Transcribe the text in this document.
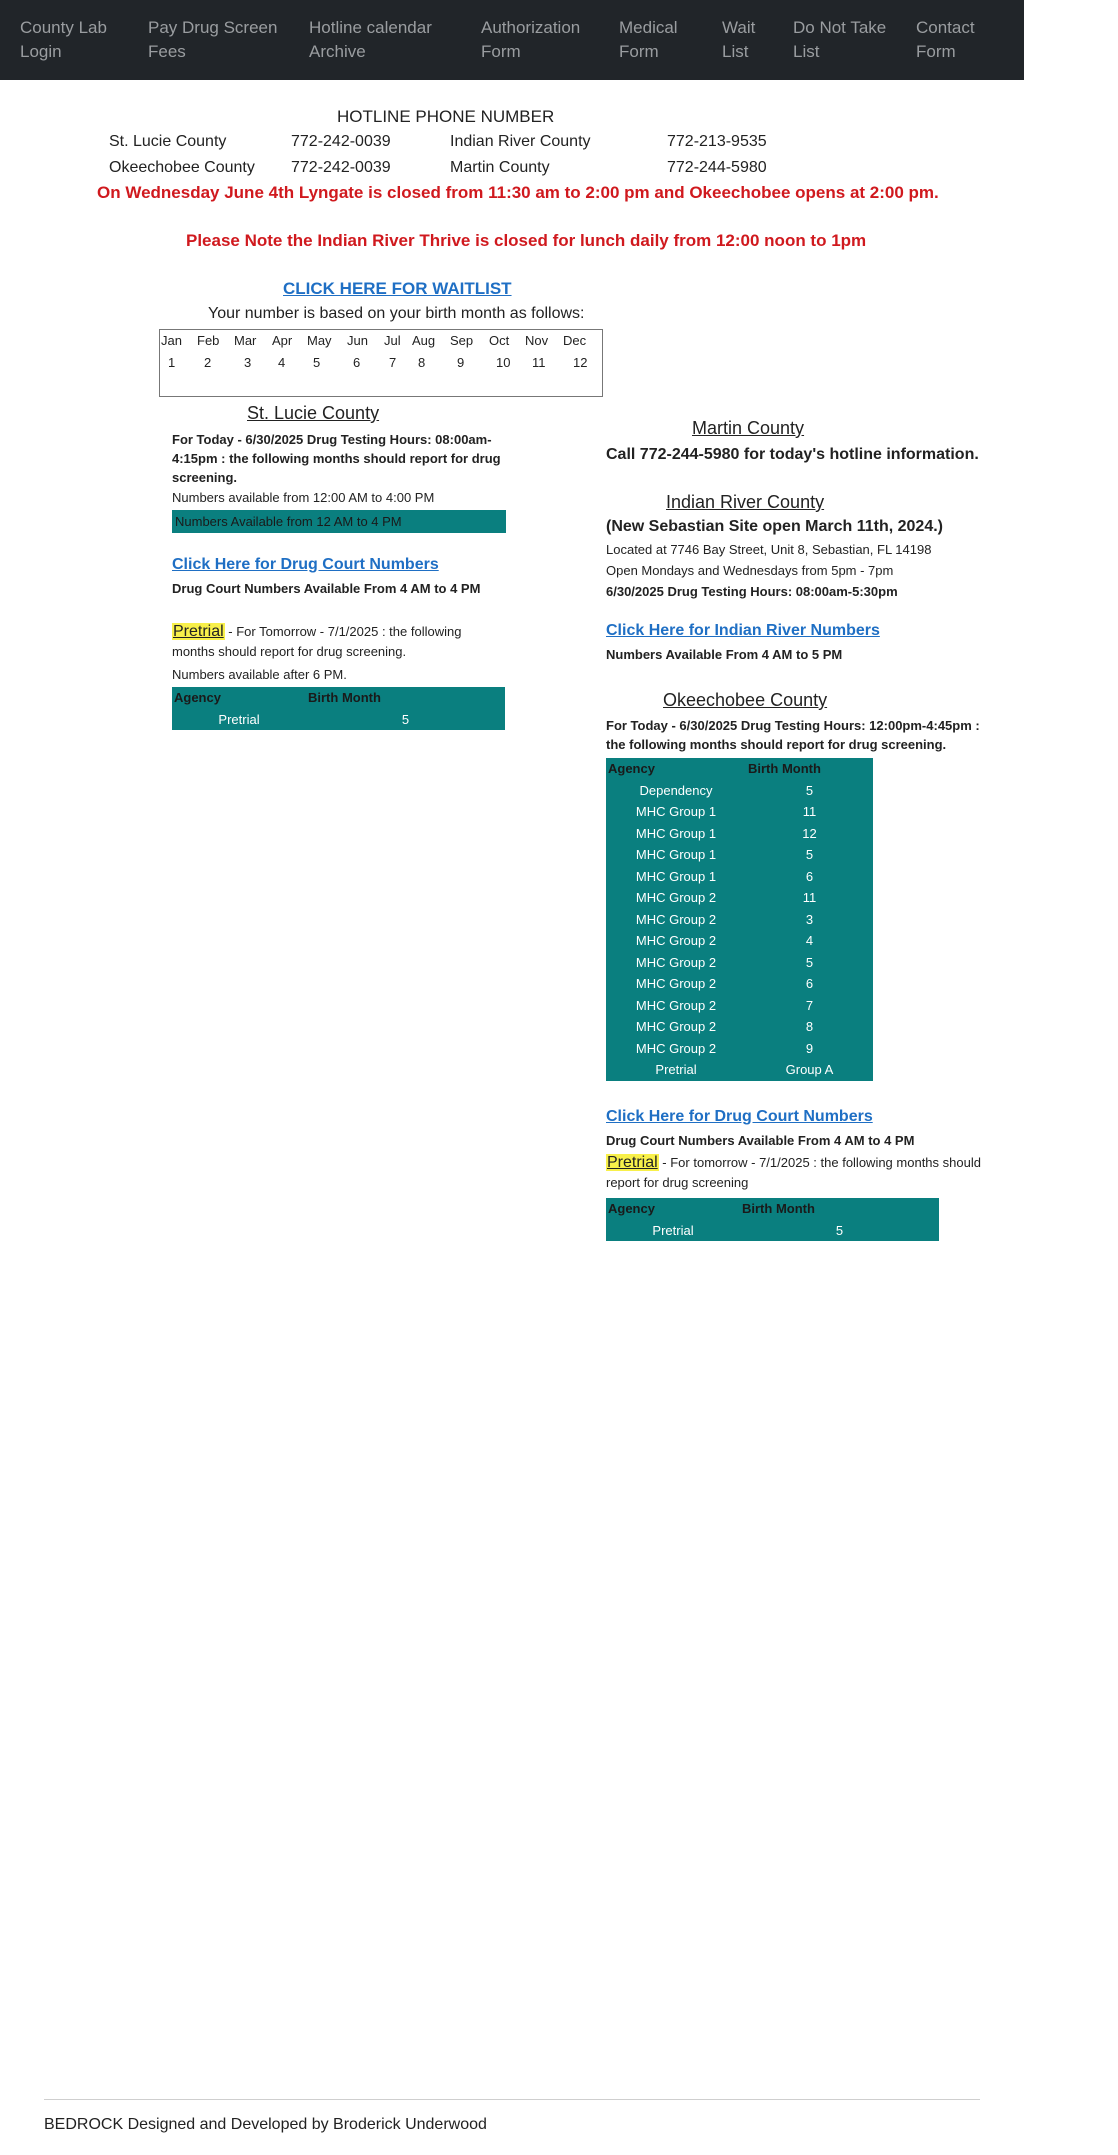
County Lab
Login
Pay Drug Screen
Fees
Hotline calendar
Archive
Authorization
Form
Medical
Form
Wait
List
Do Not Take
List
Contact
Form
HOTLINE PHONE NUMBER
St. Lucie County	772-242-0039	Indian River County	772-213-9535
Okeechobee County 772-242-0039	Martin County	772-244-5980
On Wednesday June 4th Lyngate is closed from 11:30 am to 2:00 pm and Okeechobee opens at 2:00 pm.
Please Note the Indian River Thrive is closed for lunch daily from 12:00 noon to 1pm
CLICK HERE FOR WAITLIST
Your number is based on your birth month as follows:
Jan Feb Mar Apr May Jun Jul Aug Sep Oct Nov Dec
1 2	3 4 5	6 7 8 9 10 11 12
St. Lucie County
For Today - 6/30/2025 Drug Testing Hours: 08:00am-4:15pm : the following months should report for drug screening.
Numbers available from 12:00 AM to 4:00 PM
Numbers Available from 12 AM to 4 PM
Click Here for Drug Court Numbers
Drug Court Numbers Available From 4 AM to 4 PM
Pretrial - For Tomorrow - 7/1/2025 : the following months should report for drug screening.
Numbers available after 6 PM.
Agency	Birth Month
Pretrial	5
Martin County
Call 772-244-5980 for today's hotline information.
Indian River County
(New Sebastian Site open March 11th, 2024.)
Located at 7746 Bay Street, Unit 8, Sebastian, FL 14198
Open Mondays and Wednesdays from 5pm - 7pm
6/30/2025 Drug Testing Hours: 08:00am-5:30pm
Click Here for Indian River Numbers
Numbers Available From 4 AM to 5 PM
Okeechobee County
For Today - 6/30/2025 Drug Testing Hours: 12:00pm-4:45pm : the following months should report for drug screening.
Agency	Birth Month
Dependency	5
MHC Group 1	11
MHC Group 1	12
MHC Group 1	5
MHC Group 1	6
MHC Group 2	11
MHC Group 2	3
MHC Group 2	4
MHC Group 2	5
MHC Group 2	6
MHC Group 2	7
MHC Group 2	8
MHC Group 2	9
Pretrial	Group A
Click Here for Drug Court Numbers
Drug Court Numbers Available From 4 AM to 4 PM
Pretrial - For tomorrow - 7/1/2025 : the following months should report for drug screening
Agency	Birth Month
Pretrial	5
BEDROCK Designed and Developed by Broderick Underwood
